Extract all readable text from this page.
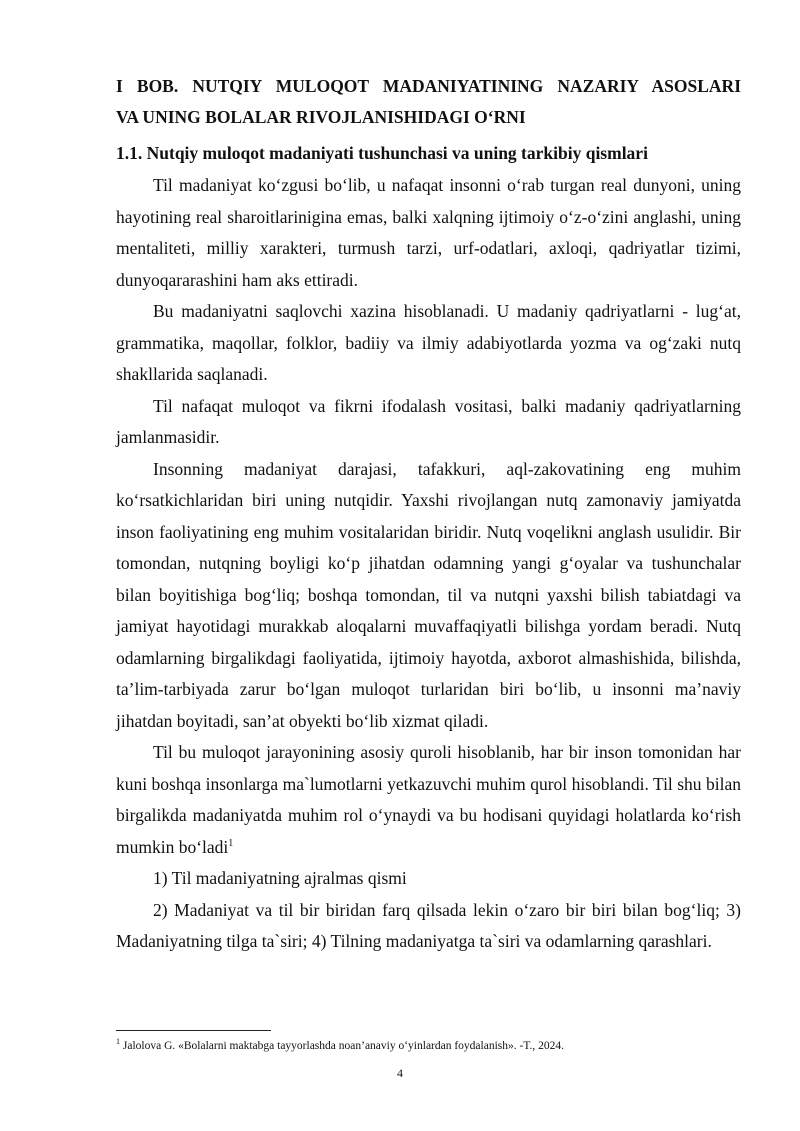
I BOB. NUTQIY MULOQOT MADANIYATINING NAZARIY ASOSLARI
VA UNING BOLALAR RIVOJLANISHIDAGI O‘RNI
1.1. Nutqiy muloqot madaniyati tushunchasi va uning tarkibiy qismlari

Til madaniyat ko‘zgusi bo‘lib, u nafaqat insonni o‘rab turgan real dunyoni, uning hayotining real sharoitlarinigina emas, balki xalqning ijtimoiy o‘z-o‘zini anglashi, uning mentaliteti, milliy xarakteri, turmush tarzi, urf-odatlari, axloqi, qadriyatlar tizimi, dunyoqararashini ham aks ettiradi.

Bu madaniyatni saqlovchi xazina hisoblanadi. U madaniy qadriyatlarni - lug‘at, grammatika, maqollar, folklor, badiiy va ilmiy adabiyotlarda yozma va og‘zaki nutq shakllarida saqlanadi.

Til nafaqat muloqot va fikrni ifodalash vositasi, balki madaniy qadriyatlarning jamlanmasidir.

Insonning madaniyat darajasi, tafakkuri, aql-zakovatining eng muhim ko‘rsatkichlaridan biri uning nutqidir. Yaxshi rivojlangan nutq zamonaviy jamiyatda inson faoliyatining eng muhim vositalaridan biridir. Nutq voqelikni anglash usulidir. Bir tomondan, nutqning boyligi ko‘p jihatdan odamning yangi g‘oyalar va tushunchalar bilan boyitishiga bog‘liq; boshqa tomondan, til va nutqni yaxshi bilish tabiatdagi va jamiyat hayotidagi murakkab aloqalarni muvaffaqiyatli bilishga yordam beradi. Nutq odamlarning birgalikdagi faoliyatida, ijtimoiy hayotda, axborot almashishida, bilishda, ta’lim-tarbiyada zarur bo‘lgan muloqot turlaridan biri bo‘lib, u insonni ma’naviy jihatdan boyitadi, san’at obyekti bo‘lib xizmat qiladi.

Til bu muloqot jarayonining asosiy quroli hisoblanib, har bir inson tomonidan har kuni boshqa insonlarga ma`lumotlarni yetkazuvchi muhim qurol hisoblandi. Til shu bilan birgalikda madaniyatda muhim rol o‘ynaydi va bu hodisani quyidagi holatlarda ko‘rish mumkin bo‘ladi$^1$

1) Til madaniyatning ajralmas qismi

2) Madaniyat va til bir biridan farq qilsada lekin o‘zaro bir biri bilan bog‘liq; 3) Madaniyatning tilga ta`siri; 4) Tilning madaniyatga ta`siri va odamlarning qarashlari.

$^1$ Jalolova G. «Bolalarni maktabga tayyorlashda noan’anaviy o‘yinlardan foydalanish». -T., 2024.
4
